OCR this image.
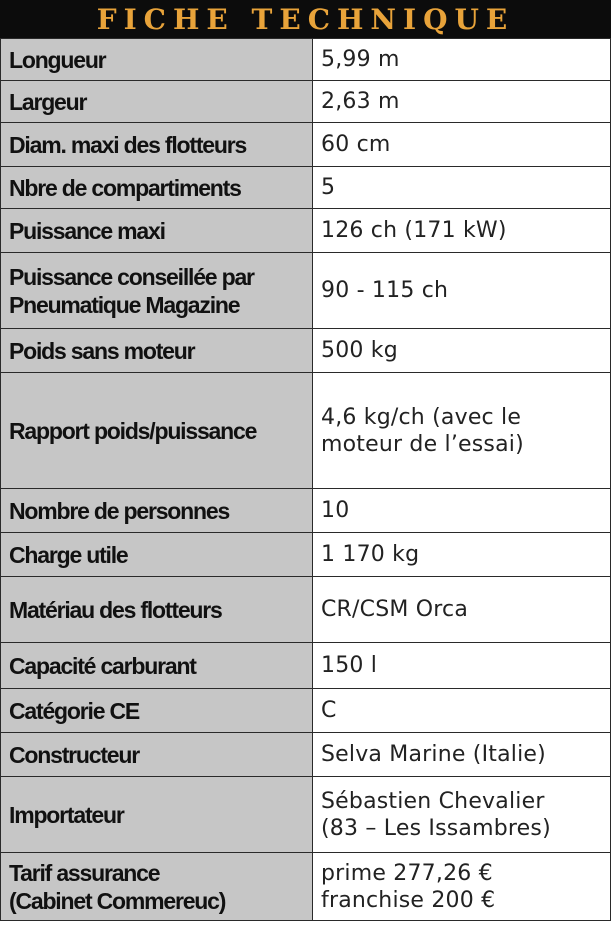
FICHE TECHNIQUE
Longueur	5,99 m

Largeur	2,63 m

Diam. maxi des flotteurs	60 cm

Nbre de compartiments	5

Puissance maxi	126 ch (171 kW)

Puissance conseillée par
Pneumatique Magazine	90 - 115 ch

Poids sans moteur	500 kg

Rapport poids/puissance	4,6 kg/ch (avec le
moteur de l’essai)

Nombre de personnes	10

Charge utile	1 170 kg

Matériau des flotteurs	CR/CSM Orca

Capacité carburant	150 l

Catégorie CE	C

Constructeur	Selva Marine (Italie)

Importateur	Sébastien Chevalier
(83 – Les Issambres)

Tarif assurance
(Cabinet Commereuc)	prime 277,26 €
franchise 200 €
